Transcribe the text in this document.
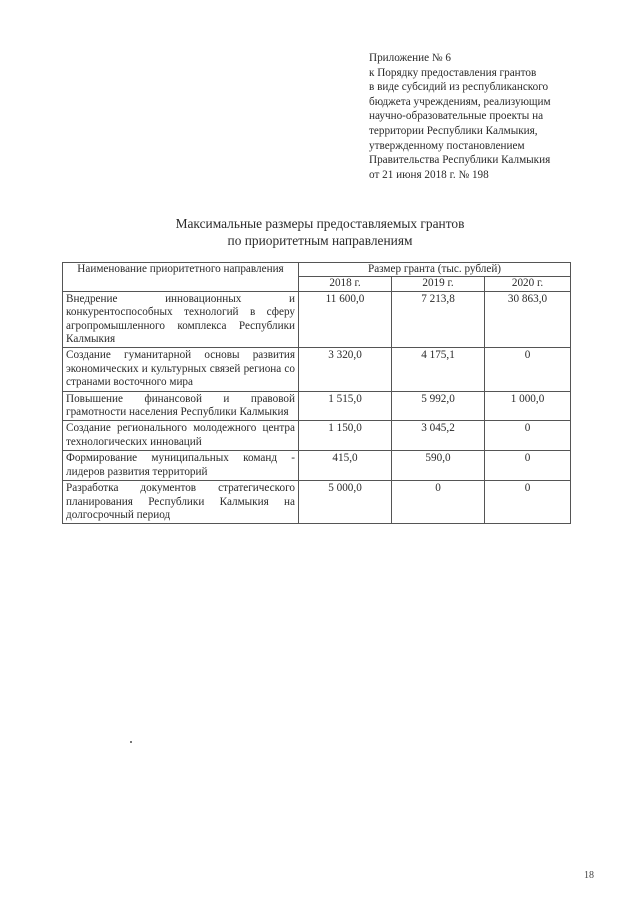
Приложение № 6
к Порядку предоставления грантов
в виде субсидий из республиканского
бюджета учреждениям, реализующим
научно-образовательные проекты на
территории Республики Калмыкия,
утвержденному постановлением
Правительства Республики Калмыкия
от 21 июня 2018 г. № 198
Максимальные размеры предоставляемых грантов
по приоритетным направлениям
Наименование приоритетного направления	Размер гранта (тыс. рублей)		
	2018 г.	2019 г.	2020 г.
Внедрение инновационных и конкурентоспособных технологий в сферу агропромышленного комплекса Республики Калмыкия	11 600,0	7 213,8	30 863,0
Создание гуманитарной основы развития экономических и культурных связей региона со странами восточного мира	3 320,0	4 175,1	0
Повышение финансовой и правовой грамотности населения Республики Калмыкия	1 515,0	5 992,0	1 000,0
Создание регионального молодежного центра технологических инноваций	1 150,0	3 045,2	0
Формирование муниципальных команд - лидеров развития территорий	415,0	590,0	0
Разработка документов стратегического планирования Республики Калмыкия на долгосрочный период	5 000,0	0	0
18
